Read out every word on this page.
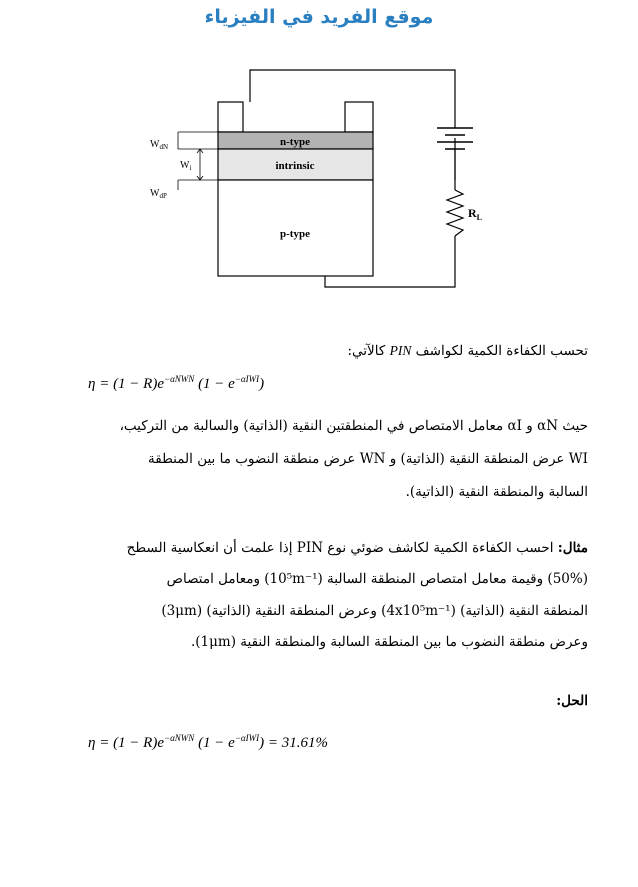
موقع الفريد في الفيزياء
$R_L$
n-type
intrinsic
p-type
$W_{dN}$
$W_i$
$W_{dP}$
تحسب الكفاءة الكمية لكواشف PIN كالآتي:
$\eta = (1 - R)e^{-\alpha NWN}$ $(1 - e^{-\alpha IWI})$
حيث αN و αI معامل الامتصاص في المنطقتين النقية (الذاتية) والسالبة من التركيب،
WI عرض المنطقة النقية (الذاتية) و WN عرض منطقة النضوب ما بين المنطقة
السالبة والمنطقة النقية (الذاتية).
مثال: احسب الكفاءة الكمية لكاشف ضوئي نوع PIN إذا علمت أن انعكاسية السطح
(50%) وقيمة معامل امتصاص المنطقة السالبة (10⁵m⁻¹) ومعامل امتصاص
المنطقة النقية (الذاتية) (4x10⁵m⁻¹) وعرض المنطقة النقية (الذاتية) (3μm)
وعرض منطقة النضوب ما بين المنطقة السالبة والمنطقة النقية (1μm).
الحل:
$\eta = (1 - R)e^{-\alpha NWN}$ $(1 - e^{-\alpha IWI}) = 31.61\%$
